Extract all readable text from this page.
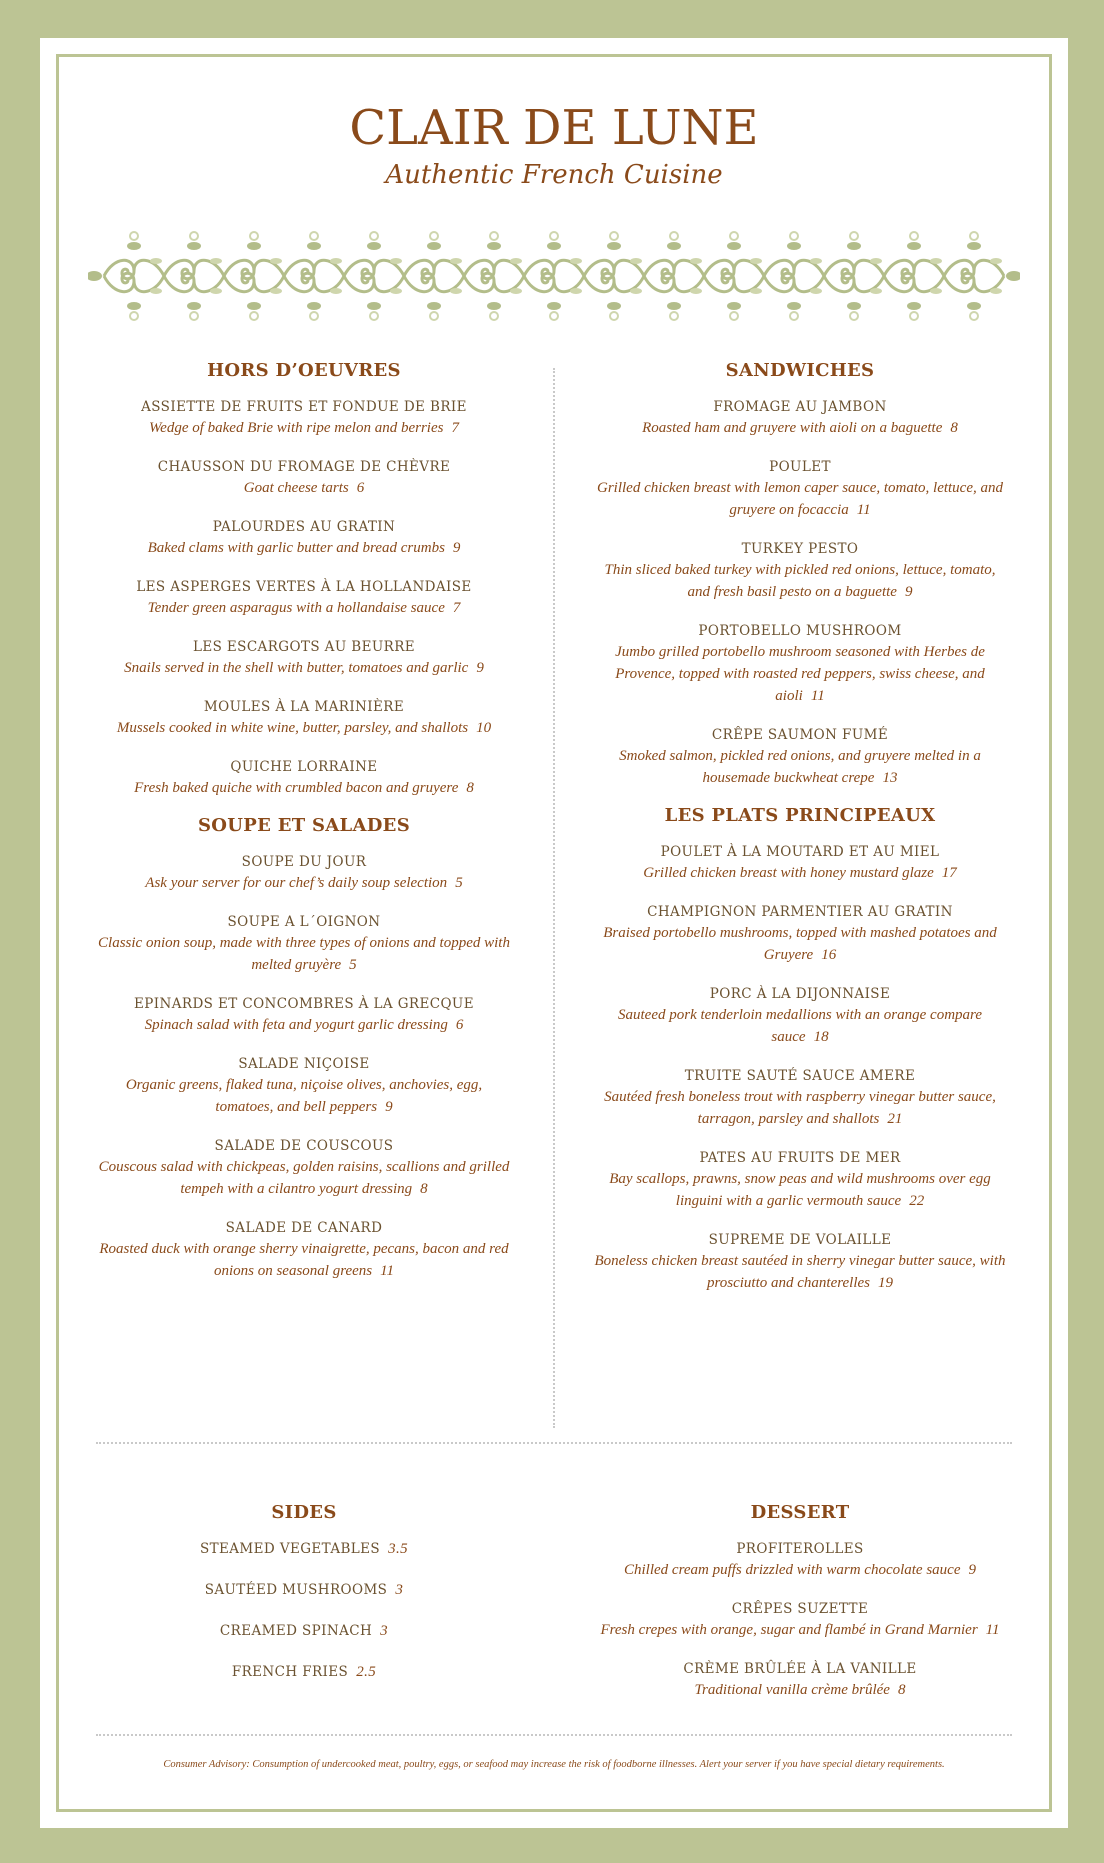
CLAIR DE LUNE
Authentic French Cuisine
HORS D’OEUVRES
ASSIETTE DE FRUITS ET FONDUE DE BRIE
Wedge of baked Brie with ripe melon and berries 7
CHAUSSON DU FROMAGE DE CHÈVRE
Goat cheese tarts 6
PALOURDES AU GRATIN
Baked clams with garlic butter and bread crumbs 9
LES ASPERGES VERTES À LA HOLLANDAISE
Tender green asparagus with a hollandaise sauce 7
LES ESCARGOTS AU BEURRE
Snails served in the shell with butter, tomatoes and garlic 9
MOULES À LA MARINIÈRE
Mussels cooked in white wine, butter, parsley, and shallots 10
QUICHE LORRAINE
Fresh baked quiche with crumbled bacon and gruyere 8
SOUPE ET SALADES
SOUPE DU JOUR
Ask your server for our chef’s daily soup selection 5
SOUPE A L´OIGNON
Classic onion soup, made with three types of onions and topped with melted gruyère 5
EPINARDS ET CONCOMBRES À LA GRECQUE
Spinach salad with feta and yogurt garlic dressing 6
SALADE NIÇOISE
Organic greens, flaked tuna, niçoise olives, anchovies, egg, tomatoes, and bell peppers 9
SALADE DE COUSCOUS
Couscous salad with chickpeas, golden raisins, scallions and grilled tempeh with a cilantro yogurt dressing 8
SALADE DE CANARD
Roasted duck with orange sherry vinaigrette, pecans, bacon and red onions on seasonal greens 11
SANDWICHES
FROMAGE AU JAMBON
Roasted ham and gruyere with aioli on a baguette 8
POULET
Grilled chicken breast with lemon caper sauce, tomato, lettuce, and gruyere on focaccia 11
TURKEY PESTO
Thin sliced baked turkey with pickled red onions, lettuce, tomato, and fresh basil pesto on a baguette 9
PORTOBELLO MUSHROOM
Jumbo grilled portobello mushroom seasoned with Herbes de Provence, topped with roasted red peppers, swiss cheese, and aioli 11
CRÊPE SAUMON FUMÉ
Smoked salmon, pickled red onions, and gruyere melted in a housemade buckwheat crepe 13
LES PLATS PRINCIPEAUX
POULET À LA MOUTARD ET AU MIEL
Grilled chicken breast with honey mustard glaze 17
CHAMPIGNON PARMENTIER AU GRATIN
Braised portobello mushrooms, topped with mashed potatoes and Gruyere 16
PORC À LA DIJONNAISE
Sauteed pork tenderloin medallions with an orange compare sauce 18
TRUITE SAUTÉ SAUCE AMERE
Sautéed fresh boneless trout with raspberry vinegar butter sauce, tarragon, parsley and shallots 21
PATES AU FRUITS DE MER
Bay scallops, prawns, snow peas and wild mushrooms over egg linguini with a garlic vermouth sauce 22
SUPREME DE VOLAILLE
Boneless chicken breast sautéed in sherry vinegar butter sauce, with prosciutto and chanterelles 19
SIDES
STEAMED VEGETABLES 3.5
SAUTÉED MUSHROOMS 3
CREAMED SPINACH 3
FRENCH FRIES 2.5
DESSERT
PROFITEROLLES
Chilled cream puffs drizzled with warm chocolate sauce 9
CRÊPES SUZETTE
Fresh crepes with orange, sugar and flambé in Grand Marnier 11
CRÈME BRÛLÉE À LA VANILLE
Traditional vanilla crème brûlée 8
Consumer Advisory: Consumption of undercooked meat, poultry, eggs, or seafood may increase the risk of foodborne illnesses. Alert your server if you have special dietary requirements.
